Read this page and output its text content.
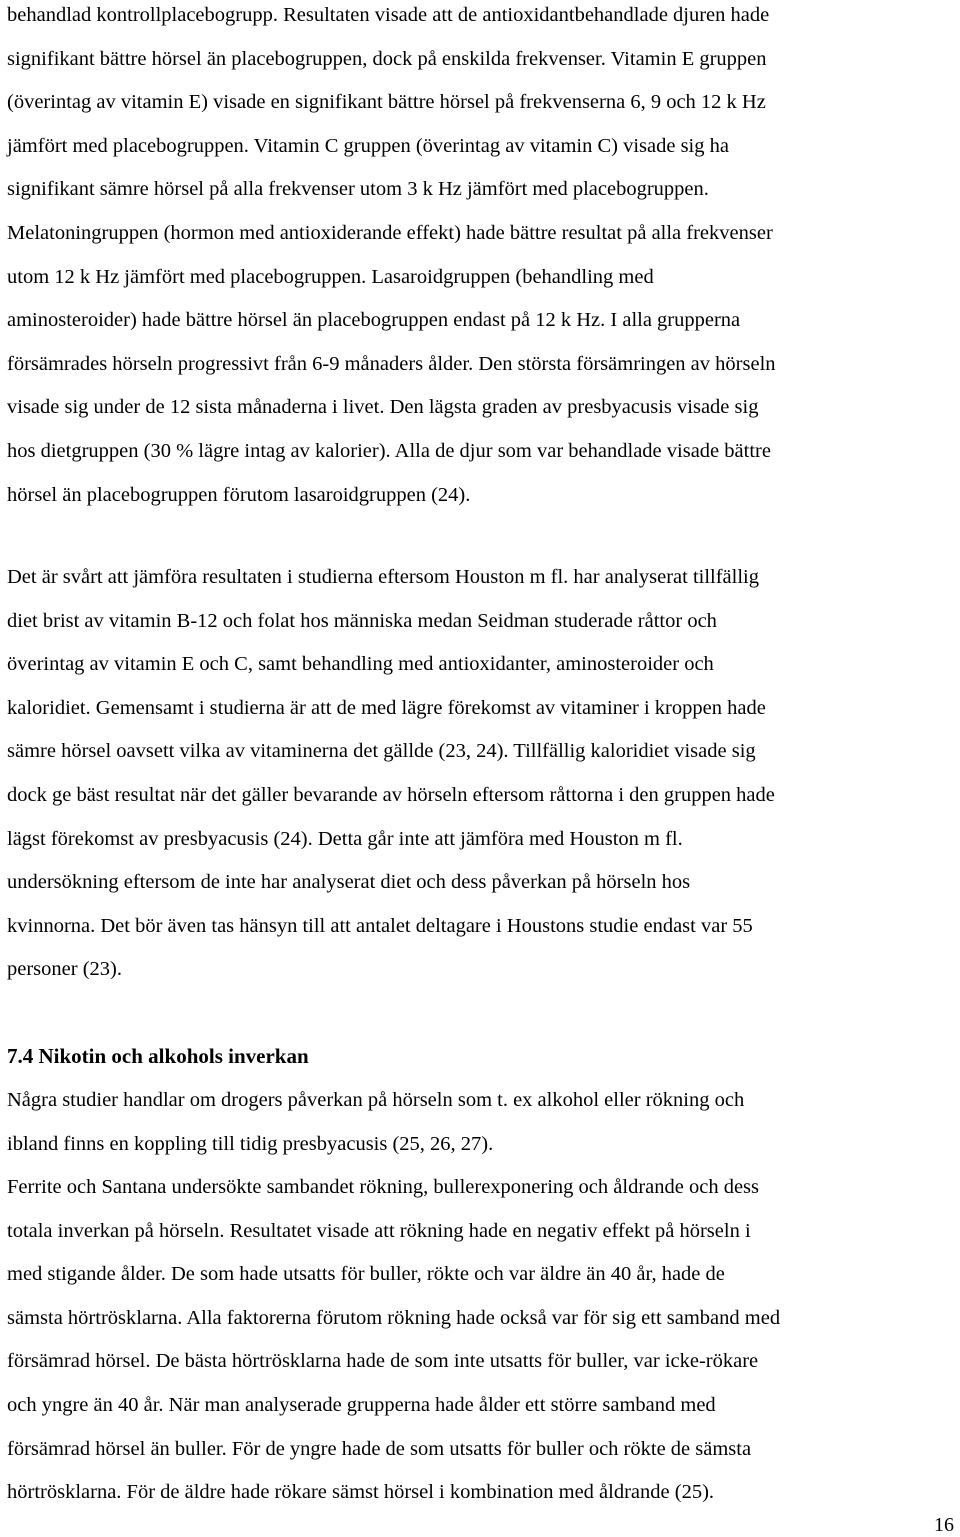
behandlad kontrollplacebogrupp. Resultaten visade att de antioxidantbehandlade djuren hade
signifikant bättre hörsel än placebogruppen, dock på enskilda frekvenser. Vitamin E gruppen
(överintag av vitamin E) visade en signifikant bättre hörsel på frekvenserna 6, 9 och 12 k Hz
jämfört med placebogruppen. Vitamin C gruppen (överintag av vitamin C) visade sig ha
signifikant sämre hörsel på alla frekvenser utom 3 k Hz jämfört med placebogruppen.
Melatoningruppen (hormon med antioxiderande effekt) hade bättre resultat på alla frekvenser
utom 12 k Hz jämfört med placebogruppen. Lasaroidgruppen (behandling med
aminosteroider) hade bättre hörsel än placebogruppen endast på 12 k Hz. I alla grupperna
försämrades hörseln progressivt från 6-9 månaders ålder. Den största försämringen av hörseln
visade sig under de 12 sista månaderna i livet. Den lägsta graden av presbyacusis visade sig
hos dietgruppen (30 % lägre intag av kalorier). Alla de djur som var behandlade visade bättre
hörsel än placebogruppen förutom lasaroidgruppen (24).

Det är svårt att jämföra resultaten i studierna eftersom Houston m fl. har analyserat tillfällig
diet brist av vitamin B-12 och folat hos människa medan Seidman studerade råttor och
överintag av vitamin E och C, samt behandling med antioxidanter, aminosteroider och
kaloridiet. Gemensamt i studierna är att de med lägre förekomst av vitaminer i kroppen hade
sämre hörsel oavsett vilka av vitaminerna det gällde (23, 24). Tillfällig kaloridiet visade sig
dock ge bäst resultat när det gäller bevarande av hörseln eftersom råttorna i den gruppen hade
lägst förekomst av presbyacusis (24). Detta går inte att jämföra med Houston m fl.
undersökning eftersom de inte har analyserat diet och dess påverkan på hörseln hos
kvinnorna. Det bör även tas hänsyn till att antalet deltagare i Houstons studie endast var 55
personer (23).

7.4 Nikotin och alkohols inverkan

Några studier handlar om drogers påverkan på hörseln som t. ex alkohol eller rökning och
ibland finns en koppling till tidig presbyacusis (25, 26, 27).

Ferrite och Santana undersökte sambandet rökning, bullerexponering och åldrande och dess
totala inverkan på hörseln. Resultatet visade att rökning hade en negativ effekt på hörseln i
med stigande ålder. De som hade utsatts för buller, rökte och var äldre än 40 år, hade de
sämsta hörtrösklarna. Alla faktorerna förutom rökning hade också var för sig ett samband med
försämrad hörsel. De bästa hörtrösklarna hade de som inte utsatts för buller, var icke-rökare
och yngre än 40 år. När man analyserade grupperna hade ålder ett större samband med
försämrad hörsel än buller. För de yngre hade de som utsatts för buller och rökte de sämsta
hörtrösklarna. För de äldre hade rökare sämst hörsel i kombination med åldrande (25).

16
